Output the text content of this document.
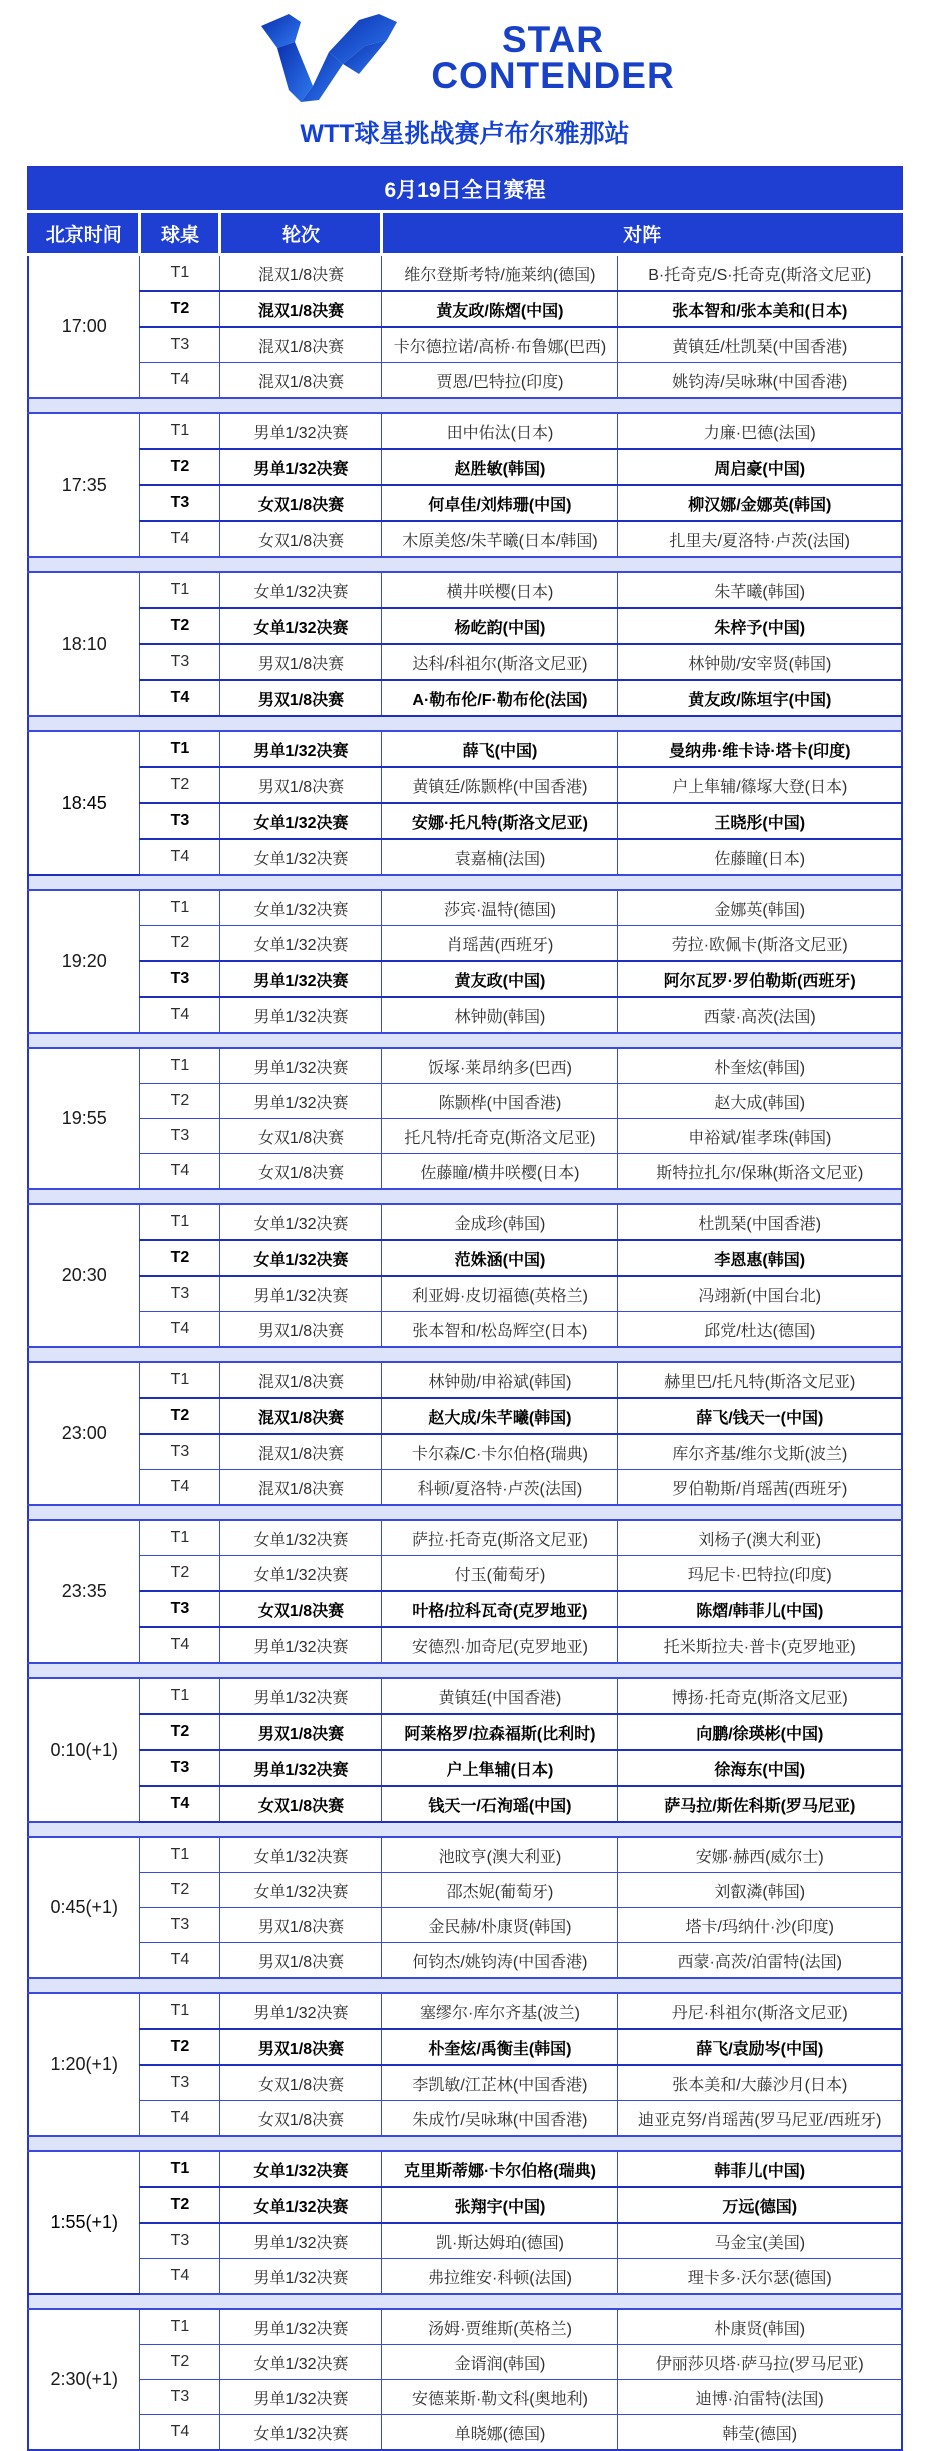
STAR
CONTENDER
WTT球星挑战赛卢布尔雅那站
6月19日全日赛程				
北京时间	球桌	轮次	对阵	
17:00	T1	混双1/8决赛	维尔登斯考特/施莱纳(德国)	B·托奇克/S·托奇克(斯洛文尼亚)
	T2	混双1/8决赛	黄友政/陈熠(中国)	张本智和/张本美和(日本)
	T3	混双1/8决赛	卡尔德拉诺/高桥·布鲁娜(巴西)	黄镇廷/杜凯琹(中国香港)
	T4	混双1/8决赛	贾恩/巴特拉(印度)	姚钧涛/吴咏琳(中国香港)

17:35	T1	男单1/32决赛	田中佑汰(日本)	力廉·巴德(法国)
	T2	男单1/32决赛	赵胜敏(韩国)	周启豪(中国)
	T3	女双1/8决赛	何卓佳/刘炜珊(中国)	柳汉娜/金娜英(韩国)
	T4	女双1/8决赛	木原美悠/朱芊曦(日本/韩国)	扎里夫/夏洛特·卢茨(法国)

18:10	T1	女单1/32决赛	横井咲樱(日本)	朱芊曦(韩国)
	T2	女单1/32决赛	杨屹韵(中国)	朱梓予(中国)
	T3	男双1/8决赛	达科/科祖尔(斯洛文尼亚)	林钟勋/安宰贤(韩国)
	T4	男双1/8决赛	A·勒布伦/F·勒布伦(法国)	黄友政/陈垣宇(中国)

18:45	T1	男单1/32决赛	薛飞(中国)	曼纳弗·维卡诗·塔卡(印度)
	T2	男双1/8决赛	黄镇廷/陈颢桦(中国香港)	户上隼辅/篠塚大登(日本)
	T3	女单1/32决赛	安娜·托凡特(斯洛文尼亚)	王晓彤(中国)
	T4	女单1/32决赛	袁嘉楠(法国)	佐藤瞳(日本)

19:20	T1	女单1/32决赛	莎宾·温特(德国)	金娜英(韩国)
	T2	女单1/32决赛	肖瑶茜(西班牙)	劳拉·欧佩卡(斯洛文尼亚)
	T3	男单1/32决赛	黄友政(中国)	阿尔瓦罗·罗伯勒斯(西班牙)
	T4	男单1/32决赛	林钟勋(韩国)	西蒙·高茨(法国)

19:55	T1	男单1/32决赛	饭塚·莱昂纳多(巴西)	朴奎炫(韩国)
	T2	男单1/32决赛	陈颢桦(中国香港)	赵大成(韩国)
	T3	女双1/8决赛	托凡特/托奇克(斯洛文尼亚)	申裕斌/崔孝珠(韩国)
	T4	女双1/8决赛	佐藤瞳/横井咲樱(日本)	斯特拉扎尔/保琳(斯洛文尼亚)

20:30	T1	女单1/32决赛	金成珍(韩国)	杜凯琹(中国香港)
	T2	女单1/32决赛	范姝涵(中国)	李恩惠(韩国)
	T3	男单1/32决赛	利亚姆·皮切福德(英格兰)	冯翊新(中国台北)
	T4	男双1/8决赛	张本智和/松岛辉空(日本)	邱党/杜达(德国)

23:00	T1	混双1/8决赛	林钟勋/申裕斌(韩国)	赫里巴/托凡特(斯洛文尼亚)
	T2	混双1/8决赛	赵大成/朱芊曦(韩国)	薛飞/钱天一(中国)
	T3	混双1/8决赛	卡尔森/C·卡尔伯格(瑞典)	库尔齐基/维尔戈斯(波兰)
	T4	混双1/8决赛	科顿/夏洛特·卢茨(法国)	罗伯勒斯/肖瑶茜(西班牙)

23:35	T1	女单1/32决赛	萨拉·托奇克(斯洛文尼亚)	刘杨子(澳大利亚)
	T2	女单1/32决赛	付玉(葡萄牙)	玛尼卡·巴特拉(印度)
	T3	女双1/8决赛	叶格/拉科瓦奇(克罗地亚)	陈熠/韩菲儿(中国)
	T4	男单1/32决赛	安德烈·加奇尼(克罗地亚)	托米斯拉夫·普卡(克罗地亚)

0:10(+1)	T1	男单1/32决赛	黄镇廷(中国香港)	博扬·托奇克(斯洛文尼亚)
	T2	男双1/8决赛	阿莱格罗/拉森福斯(比利时)	向鹏/徐瑛彬(中国)
	T3	男单1/32决赛	户上隼辅(日本)	徐海东(中国)
	T4	女双1/8决赛	钱天一/石洵瑶(中国)	萨马拉/斯佐科斯(罗马尼亚)

0:45(+1)	T1	女单1/32决赛	池旼亨(澳大利亚)	安娜·赫西(威尔士)
	T2	女单1/32决赛	邵杰妮(葡萄牙)	刘叡潾(韩国)
	T3	男双1/8决赛	金民赫/朴康贤(韩国)	塔卡/玛纳什·沙(印度)
	T4	男双1/8决赛	何钧杰/姚钧涛(中国香港)	西蒙·高茨/泊雷特(法国)

1:20(+1)	T1	男单1/32决赛	塞缪尔·库尔齐基(波兰)	丹尼·科祖尔(斯洛文尼亚)
	T2	男双1/8决赛	朴奎炫/禹衡圭(韩国)	薛飞/袁励岑(中国)
	T3	女双1/8决赛	李凯敏/江芷林(中国香港)	张本美和/大藤沙月(日本)
	T4	女双1/8决赛	朱成竹/吴咏琳(中国香港)	迪亚克努/肖瑶茜(罗马尼亚/西班牙)

1:55(+1)	T1	女单1/32决赛	克里斯蒂娜·卡尔伯格(瑞典)	韩菲儿(中国)
	T2	女单1/32决赛	张翔宇(中国)	万远(德国)
	T3	男单1/32决赛	凯·斯达姆珀(德国)	马金宝(美国)
	T4	男单1/32决赛	弗拉维安·科顿(法国)	理卡多·沃尔瑟(德国)

2:30(+1)	T1	男单1/32决赛	汤姆·贾维斯(英格兰)	朴康贤(韩国)
	T2	女单1/32决赛	金谞润(韩国)	伊丽莎贝塔·萨马拉(罗马尼亚)
	T3	男单1/32决赛	安德莱斯·勒文科(奥地利)	迪博·泊雷特(法国)
	T4	女单1/32决赛	单晓娜(德国)	韩莹(德国)
